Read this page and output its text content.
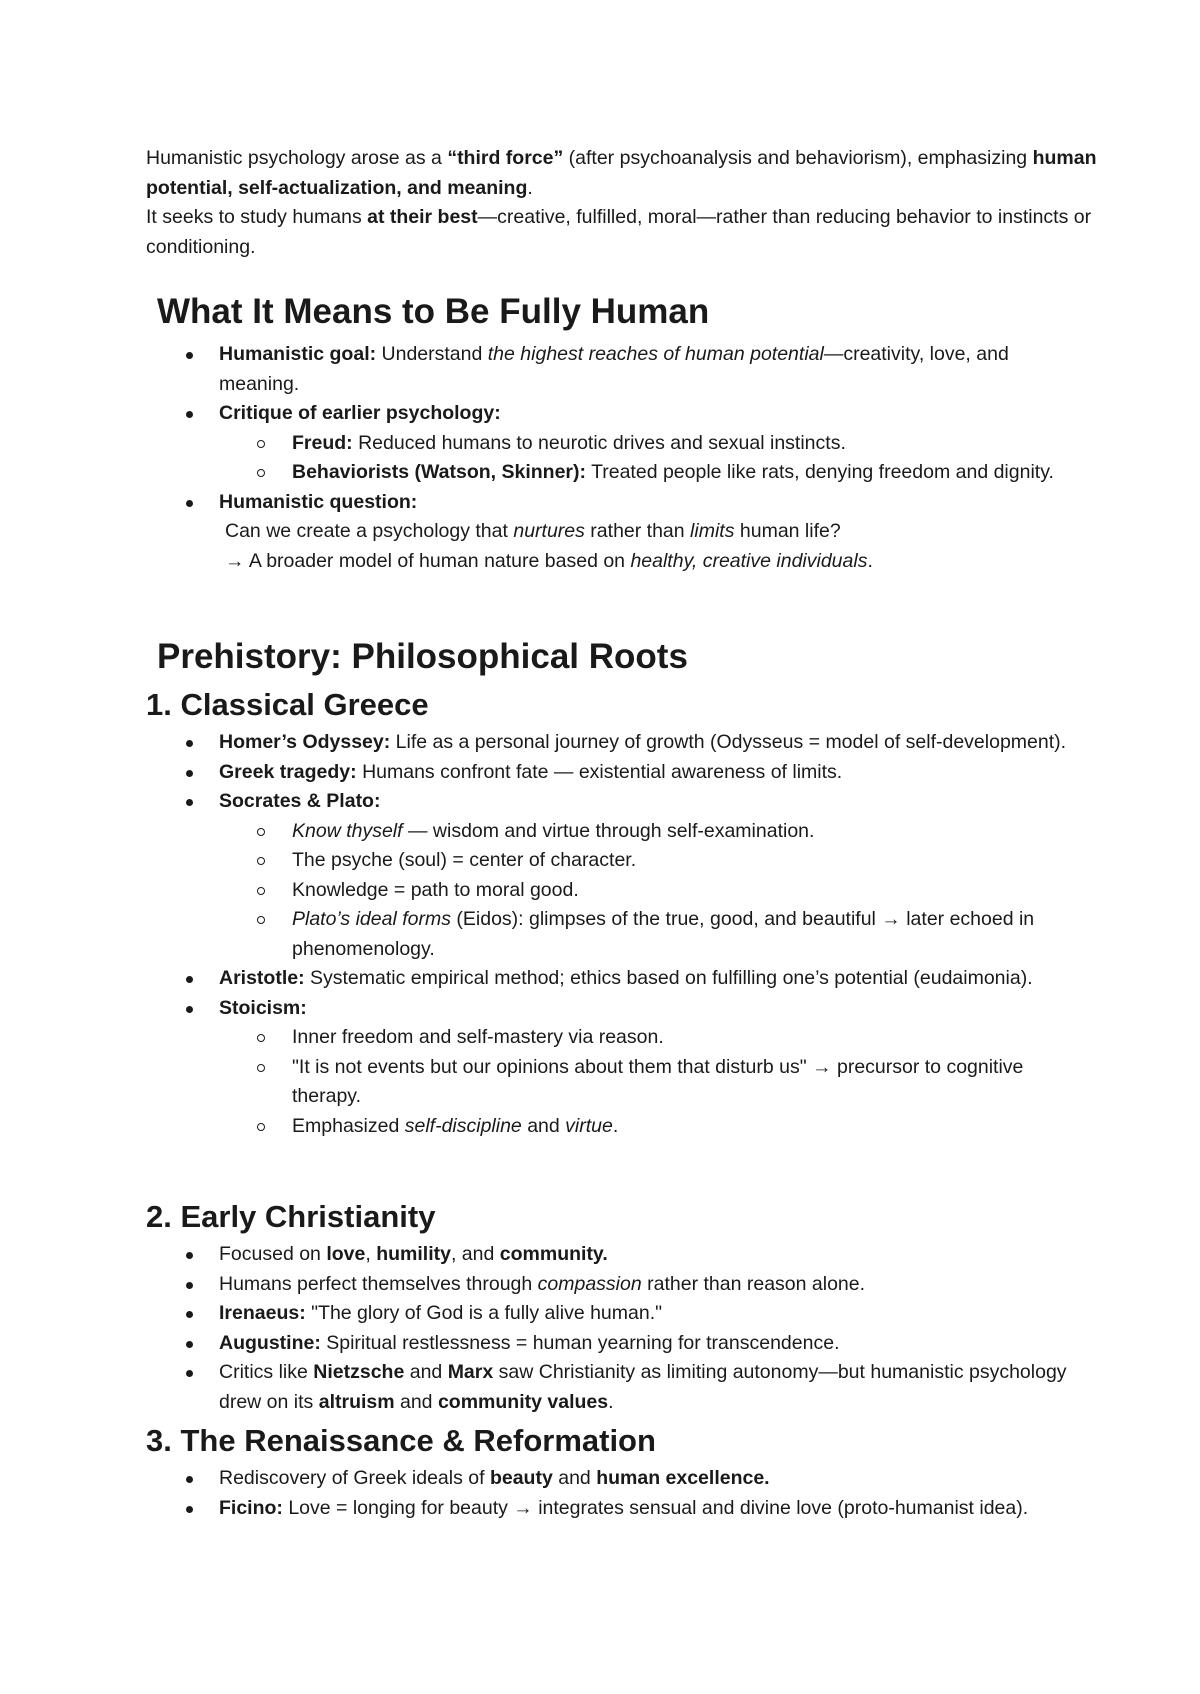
Humanistic psychology arose as a “third force” (after psychoanalysis and behaviorism), emphasizing human potential, self-actualization, and meaning.

It seeks to study humans at their best—creative, fulfilled, moral—rather than reducing behavior to instincts or conditioning.

What It Means to Be Fully Human
Humanistic goal: Understand the highest reaches of human potential—creativity, love, and meaning.
Critique of earlier psychology:
Freud: Reduced humans to neurotic drives and sexual instincts.
Behaviorists (Watson, Skinner): Treated people like rats, denying freedom and dignity.
Humanistic question:
Can we create a psychology that nurtures rather than limits human life?
→ A broader model of human nature based on healthy, creative individuals.
Prehistory: Philosophical Roots
1. Classical Greece
Homer’s Odyssey: Life as a personal journey of growth (Odysseus = model of self-development).
Greek tragedy: Humans confront fate — existential awareness of limits.
Socrates & Plato:
Know thyself — wisdom and virtue through self-examination.
The psyche (soul) = center of character.
Knowledge = path to moral good.
Plato’s ideal forms (Eidos): glimpses of the true, good, and beautiful → later echoed in phenomenology.
Aristotle: Systematic empirical method; ethics based on fulfilling one’s potential (eudaimonia).
Stoicism:
Inner freedom and self-mastery via reason.
"It is not events but our opinions about them that disturb us" → precursor to cognitive therapy.
Emphasized self-discipline and virtue.
2. Early Christianity
Focused on love, humility, and community.
Humans perfect themselves through compassion rather than reason alone.
Irenaeus: "The glory of God is a fully alive human."
Augustine: Spiritual restlessness = human yearning for transcendence.
Critics like Nietzsche and Marx saw Christianity as limiting autonomy—but humanistic psychology drew on its altruism and community values.
3. The Renaissance & Reformation
Rediscovery of Greek ideals of beauty and human excellence.
Ficino: Love = longing for beauty → integrates sensual and divine love (proto-humanist idea).
